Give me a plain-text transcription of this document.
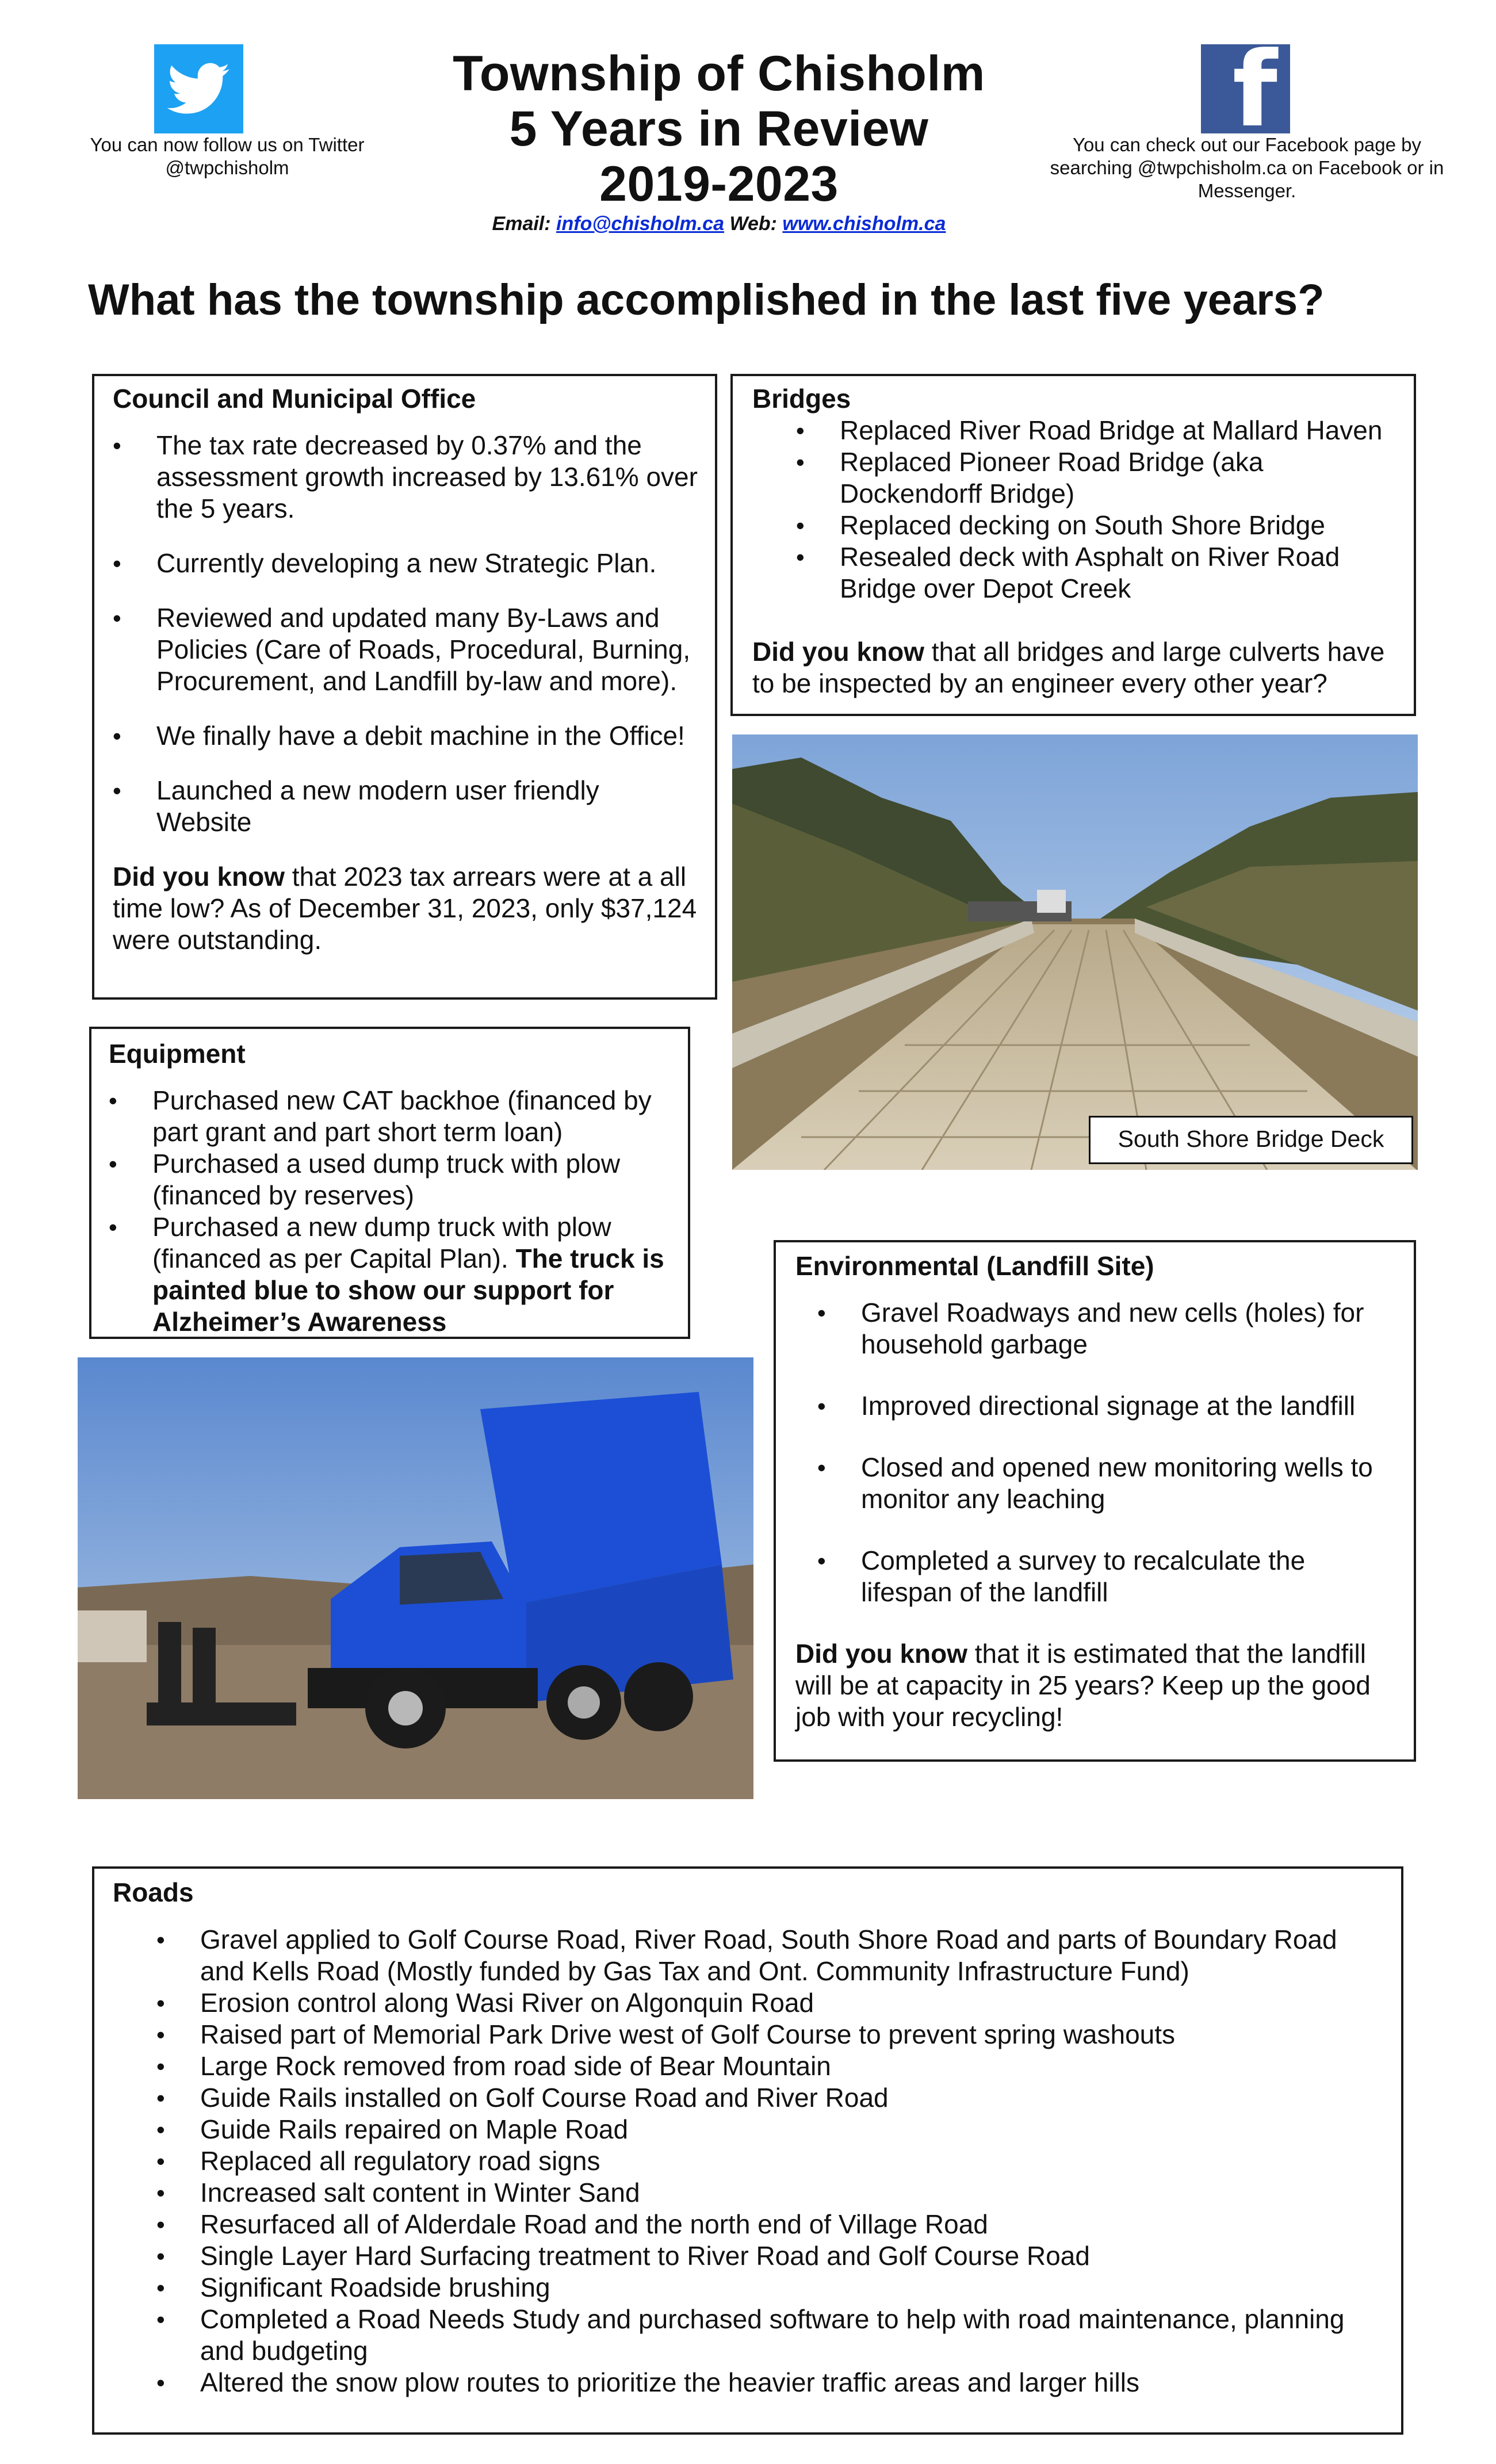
You can now follow us on Twitter @twpchisholm
f
You can check out our Facebook page by searching @twpchisholm.ca on Facebook or in Messenger.
Township of Chisholm
5 Years in Review
2019-2023
Email: info@chisholm.ca Web: www.chisholm.ca
What has the township accomplished in the last five years?
Council and Municipal Office
• The tax rate decreased by 0.37% and the assessment growth increased by 13.61% over the 5 years.
• Currently developing a new Strategic Plan.
• Reviewed and updated many By-Laws and Policies (Care of Roads, Procedural, Burning, Procurement, and Landfill by-law and more).
• We finally have a debit machine in the Office!
• Launched a new modern user friendly Website
Did you know that 2023 tax arrears were at a all time low? As of December 31, 2023, only $37,124 were outstanding.
Bridges
• Replaced River Road Bridge at Mallard Haven
• Replaced Pioneer Road Bridge (aka Dockendorff Bridge)
• Replaced decking on South Shore Bridge
• Resealed deck with Asphalt on River Road Bridge over Depot Creek
Did you know that all bridges and large culverts have to be inspected by an engineer every other year?
South Shore Bridge Deck
Equipment
• Purchased new CAT backhoe (financed by part grant and part short term loan)
• Purchased a used dump truck with plow (financed by reserves)
• Purchased a new dump truck with plow (financed as per Capital Plan). The truck is painted blue to show our support for Alzheimer’s Awareness
Environmental (Landfill Site)
• Gravel Roadways and new cells (holes) for household garbage
• Improved directional signage at the landfill
• Closed and opened new monitoring wells to monitor any leaching
• Completed a survey to recalculate the lifespan of the landfill
Did you know that it is estimated that the landfill will be at capacity in 25 years? Keep up the good job with your recycling!
Roads
• Gravel applied to Golf Course Road, River Road, South Shore Road and parts of Boundary Road and Kells Road (Mostly funded by Gas Tax and Ont. Community Infrastructure Fund)
• Erosion control along Wasi River on Algonquin Road
• Raised part of Memorial Park Drive west of Golf Course to prevent spring washouts
• Large Rock removed from road side of Bear Mountain
• Guide Rails installed on Golf Course Road and River Road
• Guide Rails repaired on Maple Road
• Replaced all regulatory road signs
• Increased salt content in Winter Sand
• Resurfaced all of Alderdale Road and the north end of Village Road
• Single Layer Hard Surfacing treatment to River Road and Golf Course Road
• Significant Roadside brushing
• Completed a Road Needs Study and purchased software to help with road maintenance, planning and budgeting
• Altered the snow plow routes to prioritize the heavier traffic areas and larger hills
